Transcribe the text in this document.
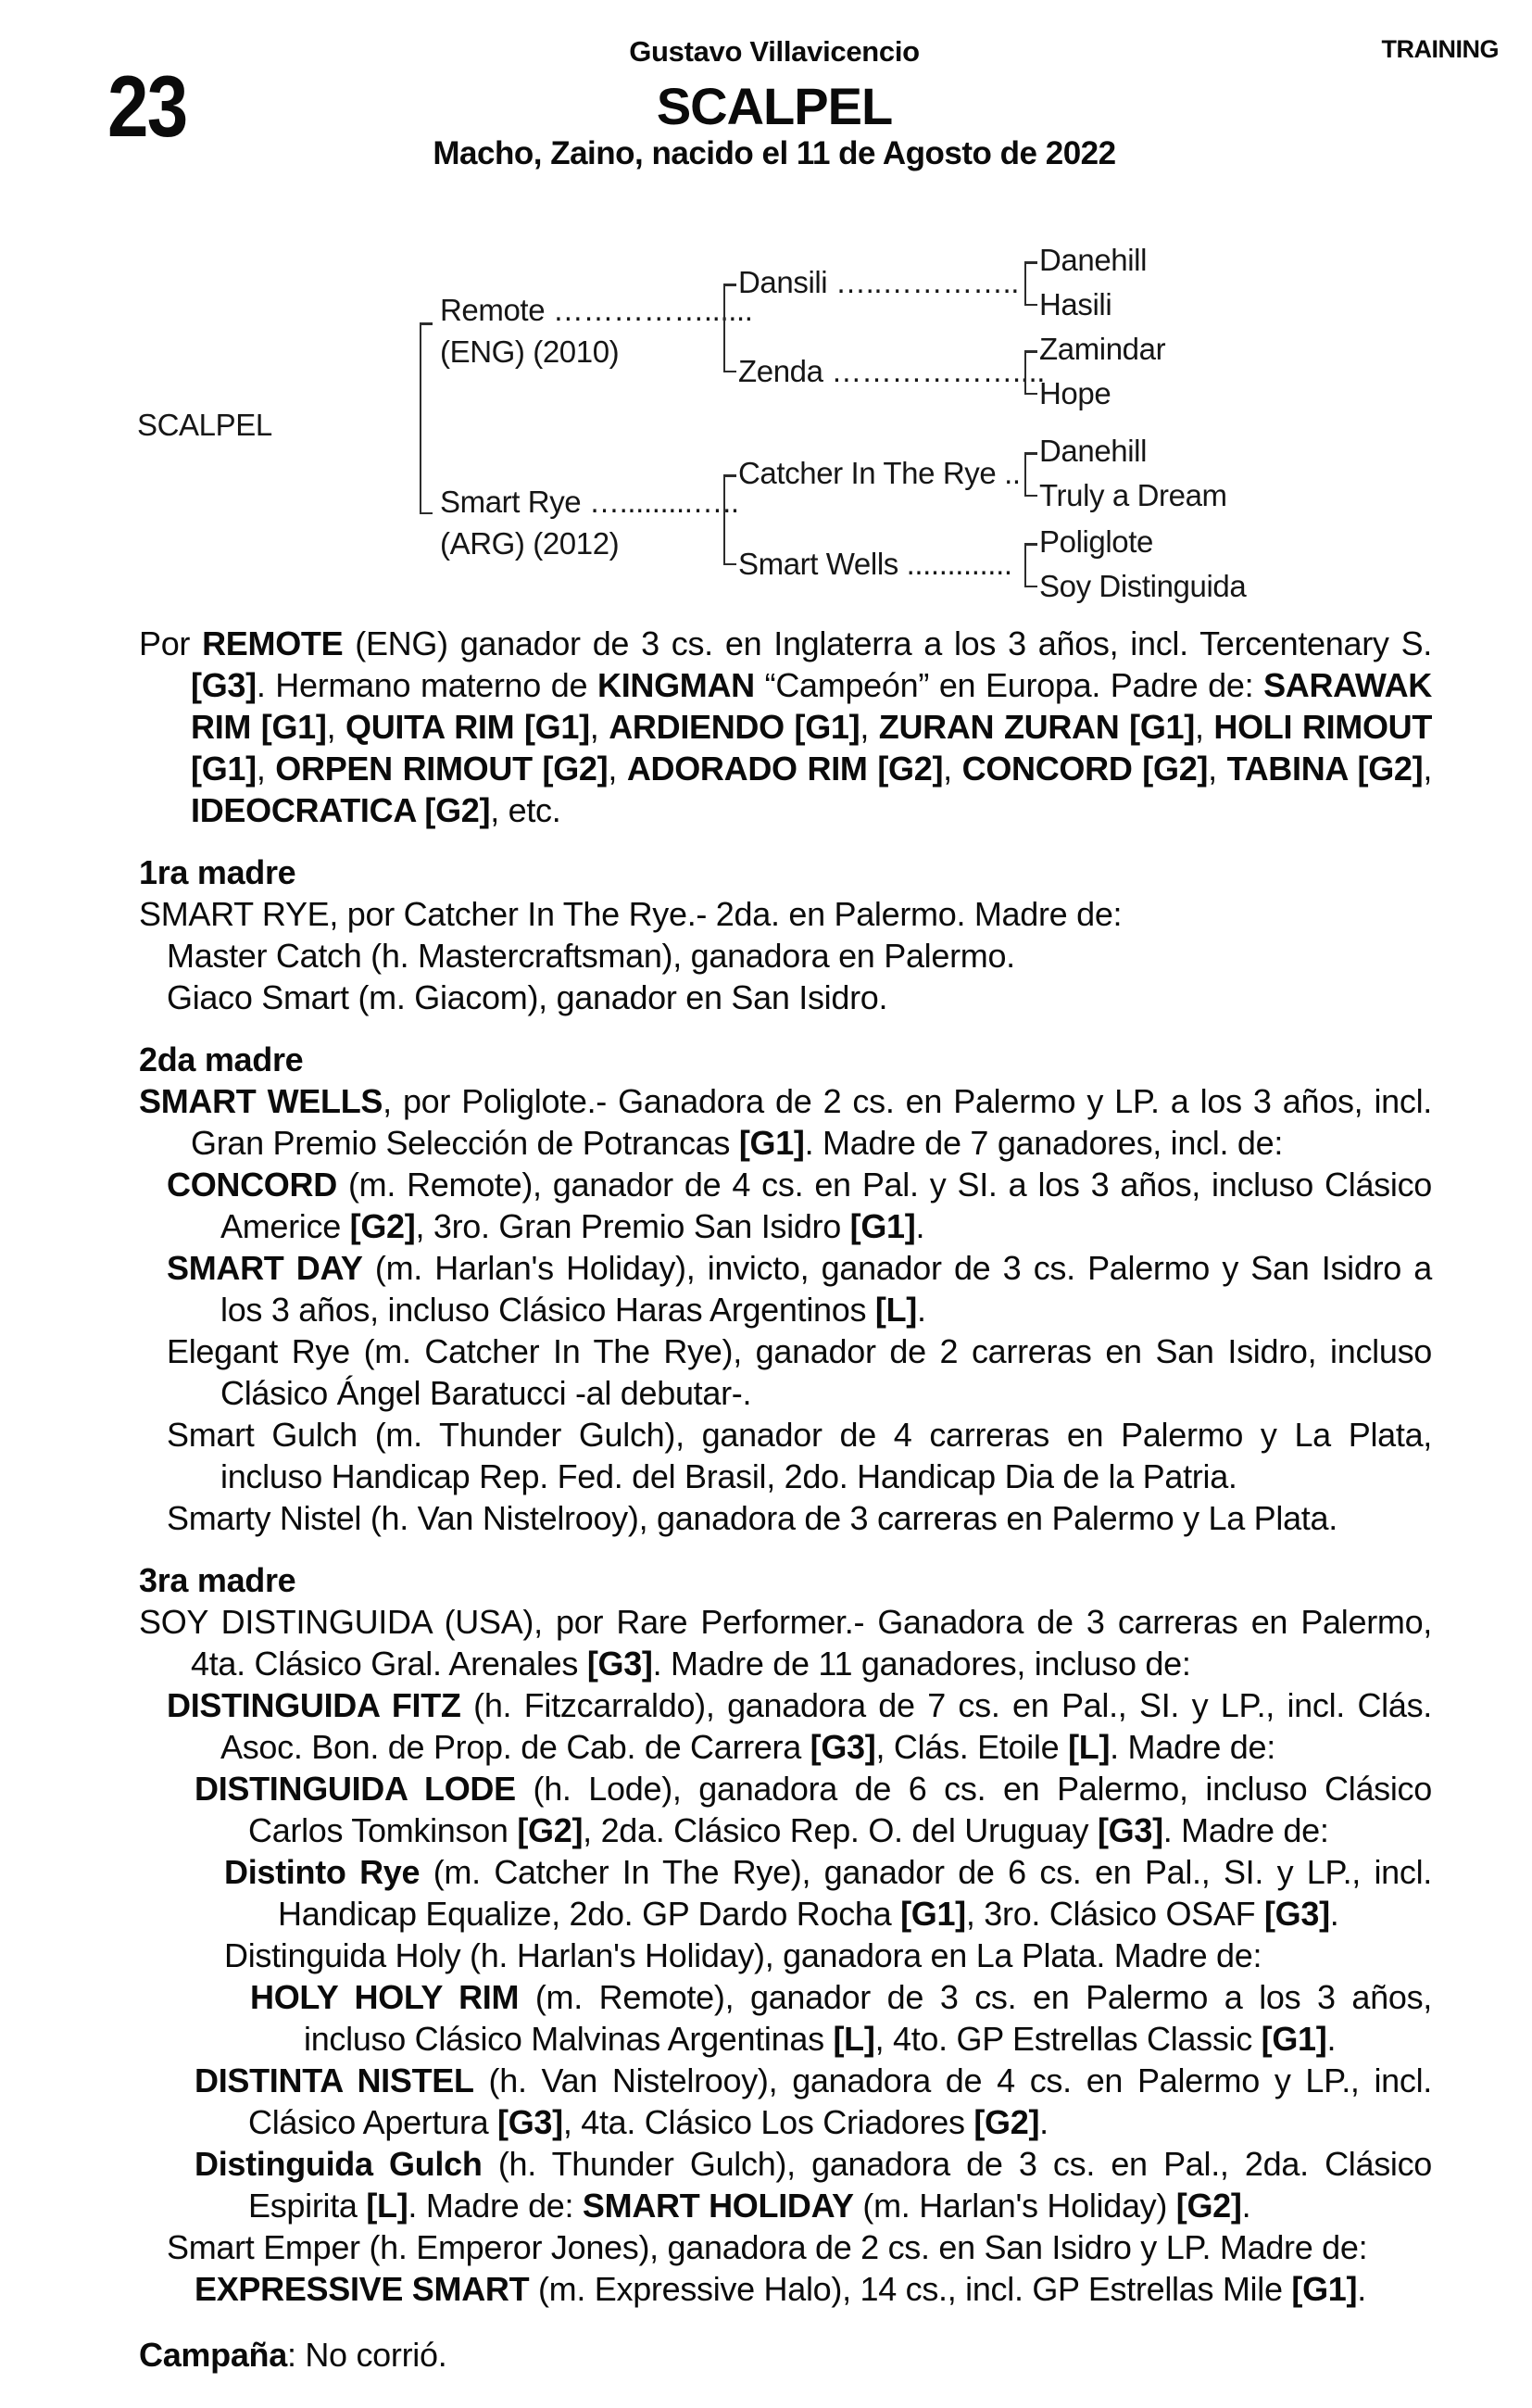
Gustavo Villavicencio	TRAINING
23	SCALPEL
Macho, Zaino, nacido el 11 de Agosto de 2022
SCALPEL
Remote ……………......
(ENG) (2010)
Smart Rye ….........…..
(ARG) (2012)
Dansili …..…………..
Zenda ………………....
Catcher In The Rye ..
Smart Wells .............
Danehill
Hasili
Zamindar
Hope
Danehill
Truly a Dream
Poliglote
Soy Distinguida

Por REMOTE (ENG) ganador de 3 cs. en Inglaterra a los 3 años, incl. Tercentenary S. [G3]. Hermano materno de KINGMAN “Campeón” en Europa. Padre de: SARAWAK RIM [G1], QUITA RIM [G1], ARDIENDO [G1], ZURAN ZURAN [G1], HOLI RIMOUT [G1], ORPEN RIMOUT [G2], ADORADO RIM [G2], CONCORD [G2], TABINA [G2], IDEOCRATICA [G2], etc.

1ra madre

SMART RYE, por Catcher In The Rye.- 2da. en Palermo. Madre de:

Master Catch (h. Mastercraftsman), ganadora en Palermo.

Giaco Smart (m. Giacom), ganador en San Isidro.

2da madre

SMART WELLS, por Poliglote.- Ganadora de 2 cs. en Palermo y LP. a los 3 años, incl. Gran Premio Selección de Potrancas [G1]. Madre de 7 ganadores, incl. de:

CONCORD (m. Remote), ganador de 4 cs. en Pal. y SI. a los 3 años, incluso Clásico Americe [G2], 3ro. Gran Premio San Isidro [G1].

SMART DAY (m. Harlan's Holiday), invicto, ganador de 3 cs. Palermo y San Isidro a los 3 años, incluso Clásico Haras Argentinos [L].

Elegant Rye (m. Catcher In The Rye), ganador de 2 carreras en San Isidro, incluso Clásico Ángel Baratucci -al debutar-.

Smart Gulch (m. Thunder Gulch), ganador de 4 carreras en Palermo y La Plata, incluso Handicap Rep. Fed. del Brasil, 2do. Handicap Dia de la Patria.

Smarty Nistel (h. Van Nistelrooy), ganadora de 3 carreras en Palermo y La Plata.

3ra madre

SOY DISTINGUIDA (USA), por Rare Performer.- Ganadora de 3 carreras en Palermo, 4ta. Clásico Gral. Arenales [G3]. Madre de 11 ganadores, incluso de:

DISTINGUIDA FITZ (h. Fitzcarraldo), ganadora de 7 cs. en Pal., SI. y LP., incl. Clás. Asoc. Bon. de Prop. de Cab. de Carrera [G3], Clás. Etoile [L]. Madre de:

DISTINGUIDA LODE (h. Lode), ganadora de 6 cs. en Palermo, incluso Clásico Carlos Tomkinson [G2], 2da. Clásico Rep. O. del Uruguay [G3]. Madre de:

Distinto Rye (m. Catcher In The Rye), ganador de 6 cs. en Pal., SI. y LP., incl. Handicap Equalize, 2do. GP Dardo Rocha [G1], 3ro. Clásico OSAF [G3].

Distinguida Holy (h. Harlan's Holiday), ganadora en La Plata. Madre de:

HOLY HOLY RIM (m. Remote), ganador de 3 cs. en Palermo a los 3 años, incluso Clásico Malvinas Argentinas [L], 4to. GP Estrellas Classic [G1].

DISTINTA NISTEL (h. Van Nistelrooy), ganadora de 4 cs. en Palermo y LP., incl. Clásico Apertura [G3], 4ta. Clásico Los Criadores [G2].

Distinguida Gulch (h. Thunder Gulch), ganadora de 3 cs. en Pal., 2da. Clásico Espirita [L]. Madre de: SMART HOLIDAY (m. Harlan's Holiday) [G2].

Smart Emper (h. Emperor Jones), ganadora de 2 cs. en San Isidro y LP. Madre de:

EXPRESSIVE SMART (m. Expressive Halo), 14 cs., incl. GP Estrellas Mile [G1].

Campaña: No corrió.
